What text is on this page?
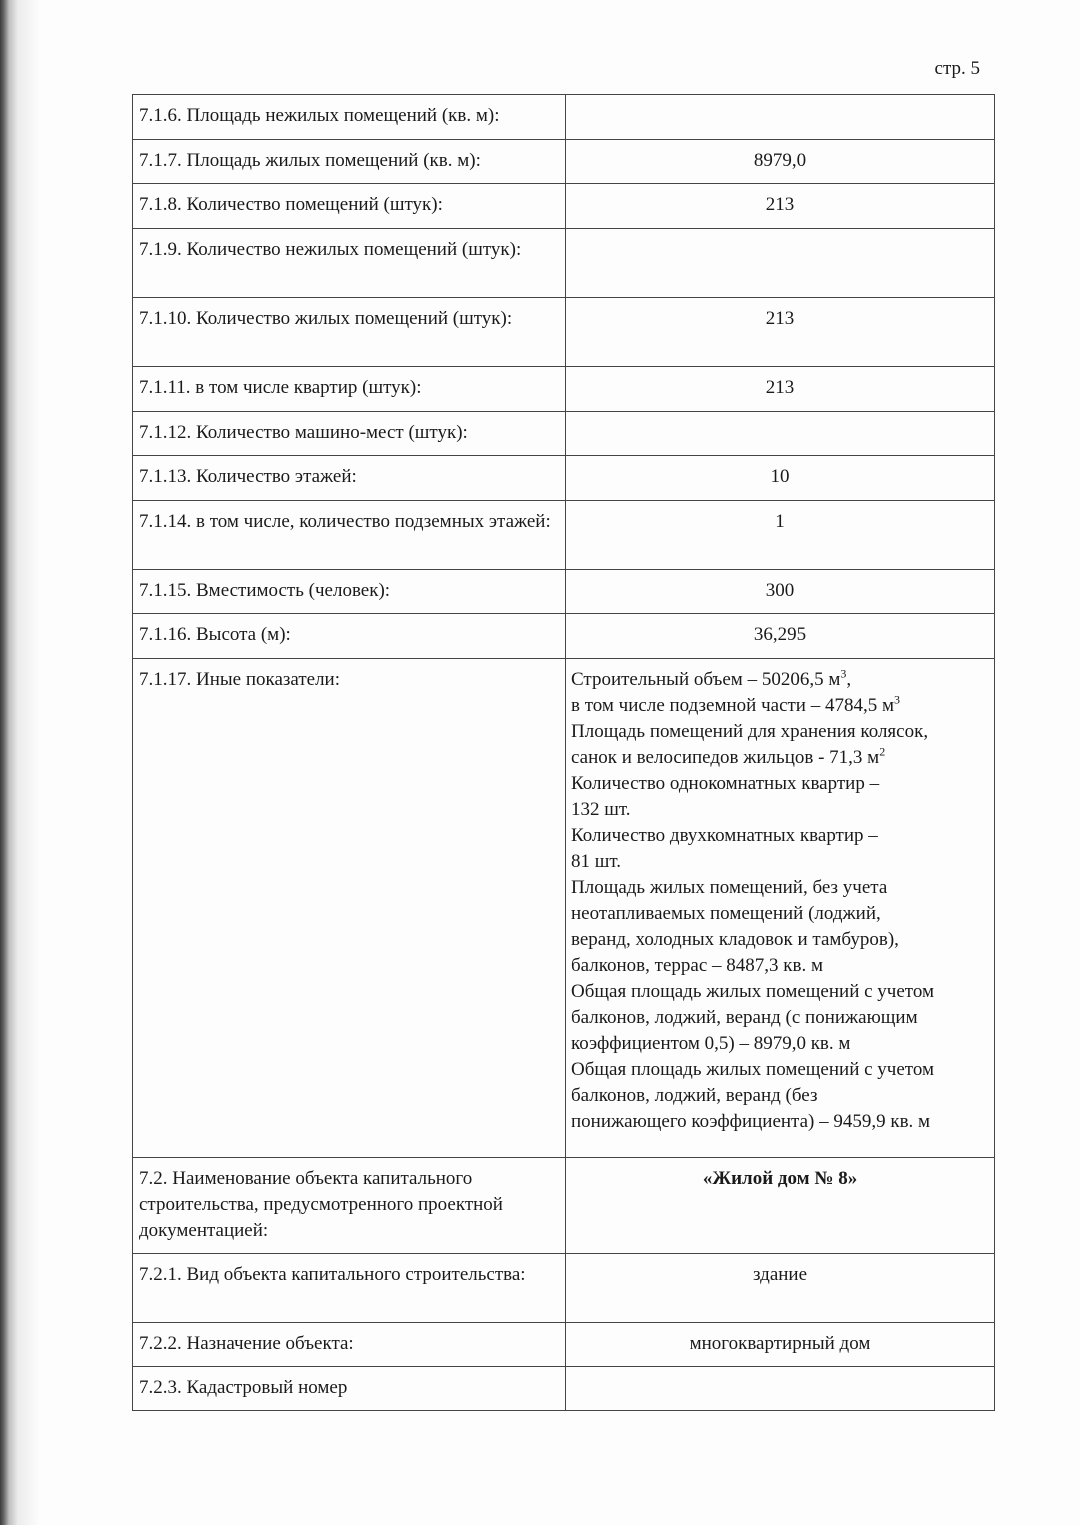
стр. 5
7.1.6. Площадь нежилых помещений (кв. м):	
7.1.7. Площадь жилых помещений (кв. м):	8979,0
7.1.8. Количество помещений (штук):	213
7.1.9. Количество нежилых помещений (штук):	
7.1.10. Количество жилых помещений (штук):	213
7.1.11. в том числе квартир (штук):	213
7.1.12. Количество машино-мест (штук):	
7.1.13. Количество этажей:	10
7.1.14. в том числе, количество подземных этажей:	1
7.1.15. Вместимость (человек):	300
7.1.16. Высота (м):	36,295
7.1.17. Иные показатели:	Строительный объем – 50206,5 $м^3$,
в том числе подземной части – 4784,5 $м^3$
Площадь помещений для хранения колясок,
санок и велосипедов жильцов - 71,3 $м^2$
Количество однокомнатных квартир –
132 шт.
Количество двухкомнатных квартир –
81 шт.
Площадь жилых помещений, без учета
неотапливаемых помещений (лоджий,
веранд, холодных кладовок и тамбуров),
балконов, террас – 8487,3 кв. м
Общая площадь жилых помещений с учетом
балконов, лоджий, веранд (с понижающим
коэффициентом 0,5) – 8979,0 кв. м
Общая площадь жилых помещений с учетом
балконов, лоджий, веранд (без
понижающего коэффициента) – 9459,9 кв. м

7.2. Наименование объекта капитального строительства, предусмотренного проектной документацией:	«Жилой дом № 8»
7.2.1. Вид объекта капитального строительства:	здание
7.2.2. Назначение объекта:	многоквартирный дом
7.2.3. Кадастровый номер	
